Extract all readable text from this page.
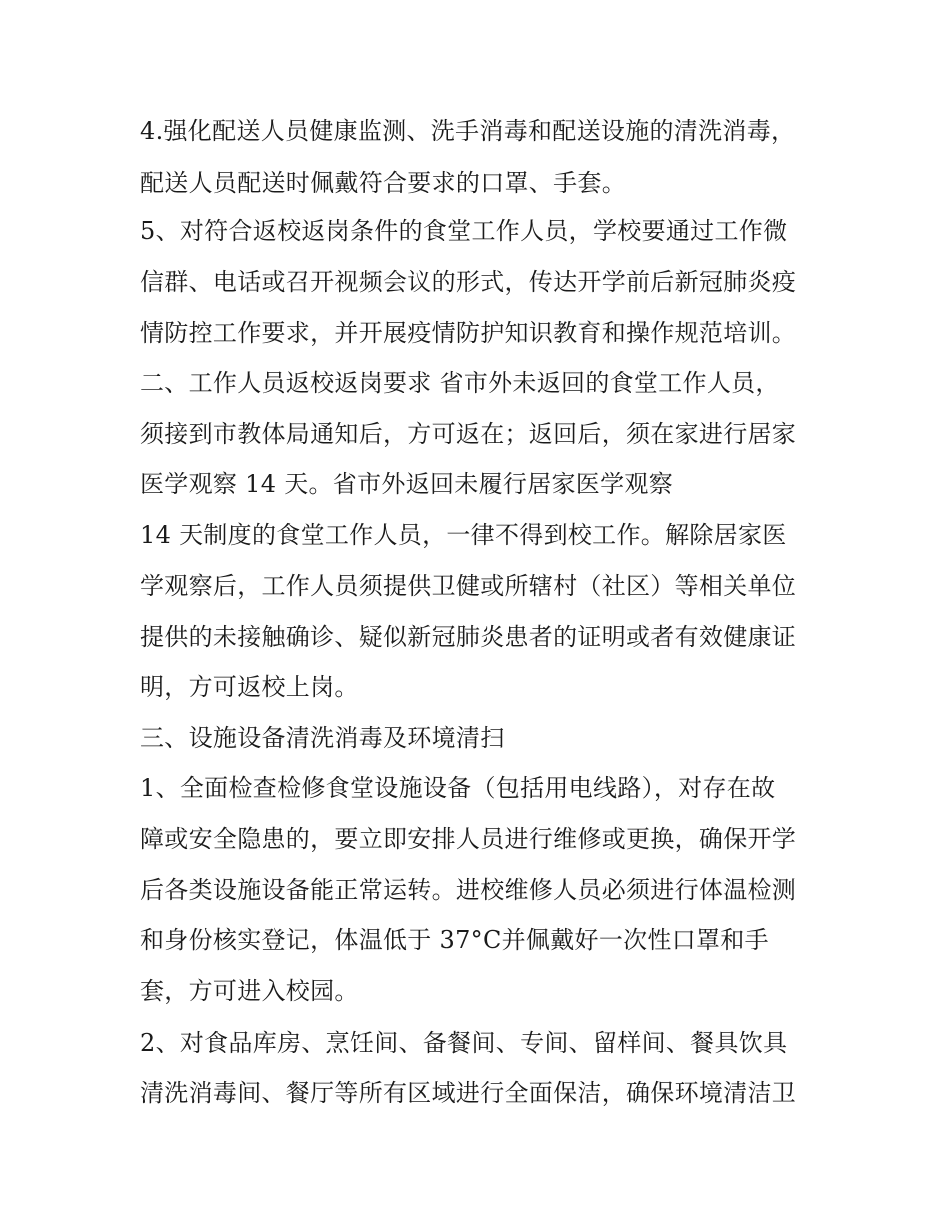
4.强化配送人员健康监测、洗手消毒和配送设施的清洗消毒，
配送人员配送时佩戴符合要求的口罩、手套。
5、对符合返校返岗条件的食堂工作人员，学校要通过工作微
信群、电话或召开视频会议的形式，传达开学前后新冠肺炎疫
情防控工作要求，并开展疫情防护知识教育和操作规范培训。
二、工作人员返校返岗要求 省市外未返回的食堂工作人员，
须接到市教体局通知后，方可返在；返回后，须在家进行居家
医学观察 14 天。省市外返回未履行居家医学观察
14 天制度的食堂工作人员，一律不得到校工作。解除居家医
学观察后，工作人员须提供卫健或所辖村（社区）等相关单位
提供的未接触确诊、疑似新冠肺炎患者的证明或者有效健康证
明，方可返校上岗。
三、设施设备清洗消毒及环境清扫
1、全面检查检修食堂设施设备（包括用电线路），对存在故
障或安全隐患的，要立即安排人员进行维修或更换，确保开学
后各类设施设备能正常运转。进校维修人员必须进行体温检测
和身份核实登记，体温低于 37°C并佩戴好一次性口罩和手
套，方可进入校园。
2、对食品库房、烹饪间、备餐间、专间、留样间、餐具饮具
清洗消毒间、餐厅等所有区域进行全面保洁，确保环境清洁卫
